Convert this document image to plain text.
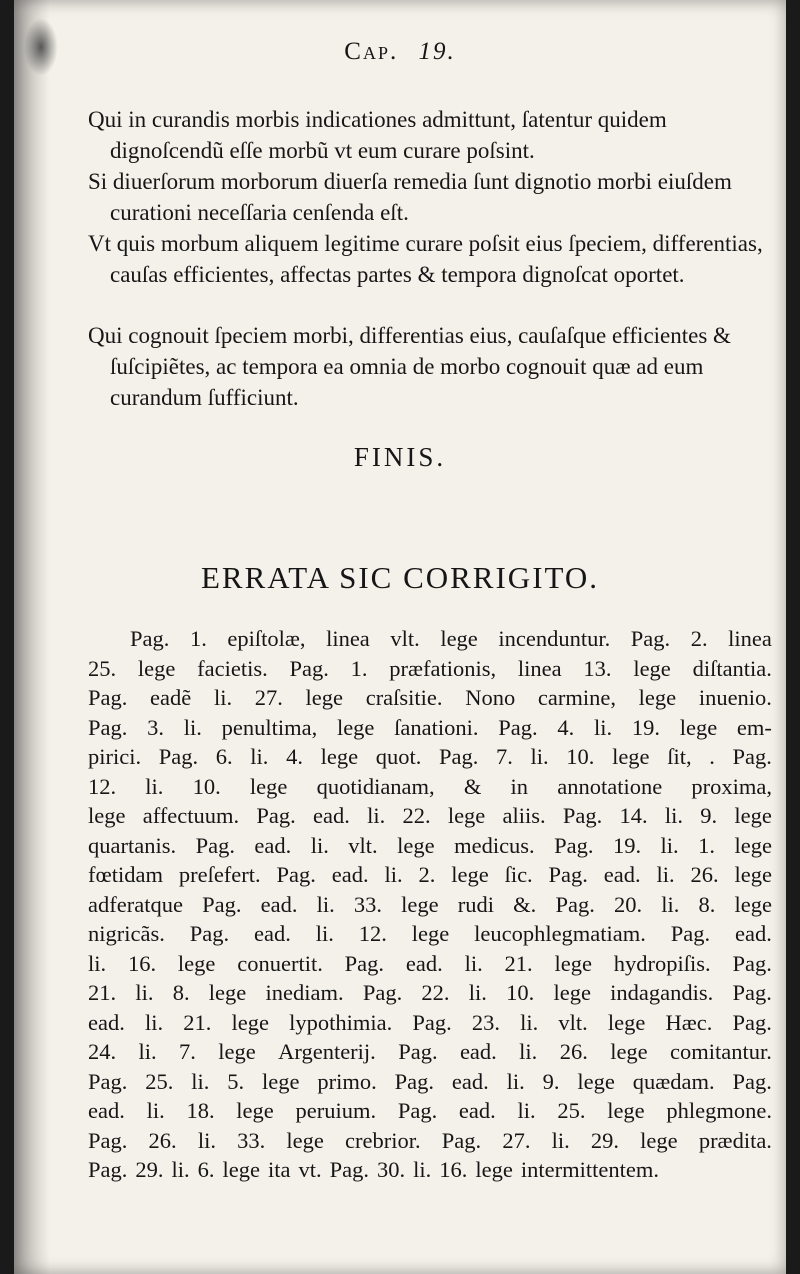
Cap. 19.

Qui in curandis morbis indicationes admittunt, ſatentur quidem dignoſcendũ eſſe morbũ vt eum curare poſsint.

Si diuerſorum morborum diuerſa remedia ſunt dignotio morbi eiuſdem curationi neceſſaria cenſenda eſt.

Vt quis morbum aliquem legitime curare poſsit eius ſpeciem, differentias, cauſas efficientes, affectas partes & tempora dignoſcat oportet.

Qui cognouit ſpeciem morbi, differentias eius, cauſaſque efficientes & ſuſcipiẽtes, ac tempora ea omnia de morbo cognouit quæ ad eum curandum ſufficiunt.

FINIS.
ERRATA SIC CORRIGITO.
Pag. 1. epiſtolæ, linea vlt. lege incenduntur. Pag. 2. linea
25. lege facietis. Pag. 1. præfationis, linea 13. lege diſtantia.
Pag. eadẽ li. 27. lege craſsitie. Nono carmine, lege inuenio.
Pag. 3. li. penultima, lege ſanationi. Pag. 4. li. 19. lege em-
pirici. Pag. 6. li. 4. lege quot. Pag. 7. li. 10. lege ſit, . Pag.
12. li. 10. lege quotidianam, & in annotatione proxima,
lege affectuum. Pag. ead. li. 22. lege aliis. Pag. 14. li. 9. lege
quartanis. Pag. ead. li. vlt. lege medicus. Pag. 19. li. 1. lege
fœtidam preſefert. Pag. ead. li. 2. lege ſic. Pag. ead. li. 26. lege
adferatque Pag. ead. li. 33. lege rudi &. Pag. 20. li. 8. lege
nigricãs. Pag. ead. li. 12. lege leucophlegmatiam. Pag. ead.
li. 16. lege conuertit. Pag. ead. li. 21. lege hydropiſis. Pag.
21. li. 8. lege inediam. Pag. 22. li. 10. lege indagandis. Pag.
ead. li. 21. lege lypothimia. Pag. 23. li. vlt. lege Hæc. Pag.
24. li. 7. lege Argenterij. Pag. ead. li. 26. lege comitantur.
Pag. 25. li. 5. lege primo. Pag. ead. li. 9. lege quædam. Pag.
ead. li. 18. lege peruium. Pag. ead. li. 25. lege phlegmone.
Pag. 26. li. 33. lege crebrior. Pag. 27. li. 29. lege prædita.
Pag. 29. li. 6. lege ita vt. Pag. 30. li. 16. lege intermittentem.
